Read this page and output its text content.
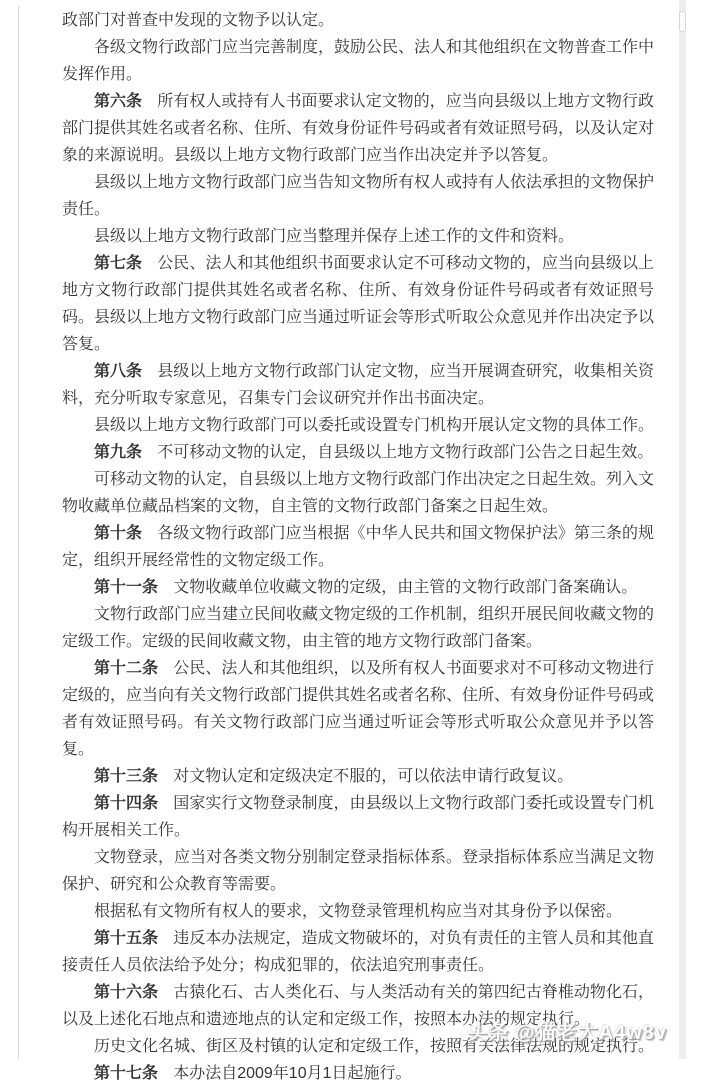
政部门对普查中发现的文物予以认定。

各级文物行政部门应当完善制度，鼓励公民、法人和其他组织在文物普查工作中发挥作用。

第六条 所有权人或持有人书面要求认定文物的，应当向县级以上地方文物行政部门提供其姓名或者名称、住所、有效身份证件号码或者有效证照号码，以及认定对象的来源说明。县级以上地方文物行政部门应当作出决定并予以答复。

县级以上地方文物行政部门应当告知文物所有权人或持有人依法承担的文物保护责任。

县级以上地方文物行政部门应当整理并保存上述工作的文件和资料。

第七条 公民、法人和其他组织书面要求认定不可移动文物的，应当向县级以上地方文物行政部门提供其姓名或者名称、住所、有效身份证件号码或者有效证照号码。县级以上地方文物行政部门应当通过听证会等形式听取公众意见并作出决定予以答复。

第八条 县级以上地方文物行政部门认定文物，应当开展调查研究，收集相关资料，充分听取专家意见，召集专门会议研究并作出书面决定。

县级以上地方文物行政部门可以委托或设置专门机构开展认定文物的具体工作。

第九条 不可移动文物的认定，自县级以上地方文物行政部门公告之日起生效。

可移动文物的认定，自县级以上地方文物行政部门作出决定之日起生效。列入文物收藏单位藏品档案的文物，自主管的文物行政部门备案之日起生效。

第十条 各级文物行政部门应当根据《中华人民共和国文物保护法》第三条的规定，组织开展经常性的文物定级工作。

第十一条 文物收藏单位收藏文物的定级，由主管的文物行政部门备案确认。

文物行政部门应当建立民间收藏文物定级的工作机制，组织开展民间收藏文物的定级工作。定级的民间收藏文物，由主管的地方文物行政部门备案。

第十二条 公民、法人和其他组织，以及所有权人书面要求对不可移动文物进行定级的，应当向有关文物行政部门提供其姓名或者名称、住所、有效身份证件号码或者有效证照号码。有关文物行政部门应当通过听证会等形式听取公众意见并予以答复。

第十三条 对文物认定和定级决定不服的，可以依法申请行政复议。

第十四条 国家实行文物登录制度，由县级以上文物行政部门委托或设置专门机构开展相关工作。

文物登录，应当对各类文物分别制定登录指标体系。登录指标体系应当满足文物保护、研究和公众教育等需要。

根据私有文物所有权人的要求，文物登录管理机构应当对其身份予以保密。

第十五条 违反本办法规定，造成文物破坏的，对负有责任的主管人员和其他直接责任人员依法给予处分；构成犯罪的，依法追究刑事责任。

第十六条 古猿化石、古人类化石、与人类活动有关的第四纪古脊椎动物化石，以及上述化石地点和遗迹地点的认定和定级工作，按照本办法的规定执行。

历史文化名城、街区及村镇的认定和定级工作，按照有关法律法规的规定执行。

第十七条 本办法自2009年10月1日起施行。

头条 @猫老大A4w8v
